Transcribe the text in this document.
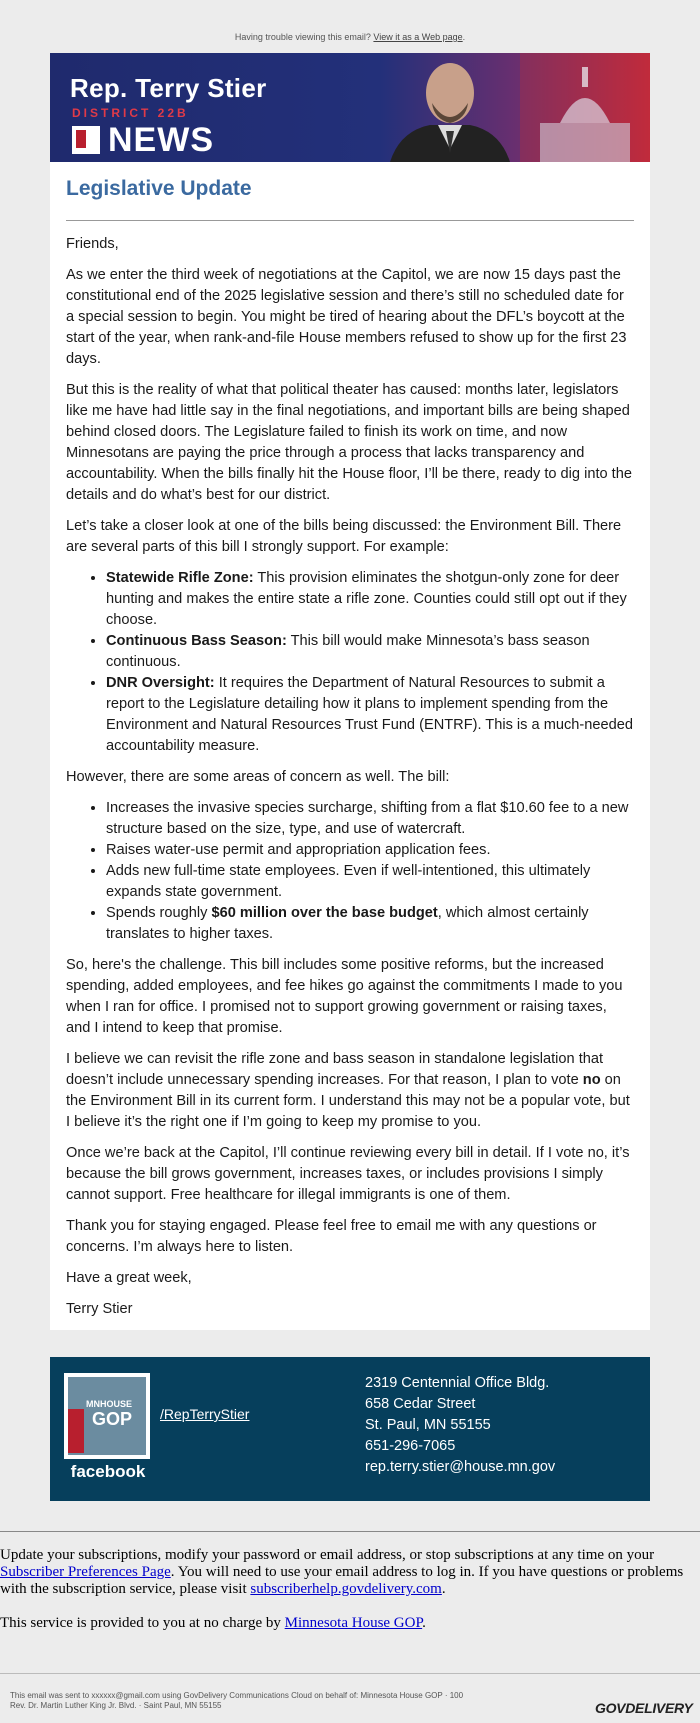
Having trouble viewing this email? View it as a Web page.
Rep. Terry Stier
DISTRICT 22B
NEWS
Legislative Update

Friends,

As we enter the third week of negotiations at the Capitol, we are now 15 days past the constitutional end of the 2025 legislative session and there’s still no scheduled date for a special session to begin. You might be tired of hearing about the DFL’s boycott at the start of the year, when rank-and-file House members refused to show up for the first 23 days.

But this is the reality of what that political theater has caused: months later, legislators like me have had little say in the final negotiations, and important bills are being shaped behind closed doors. The Legislature failed to finish its work on time, and now Minnesotans are paying the price through a process that lacks transparency and accountability. When the bills finally hit the House floor, I’ll be there, ready to dig into the details and do what’s best for our district.

Let’s take a closer look at one of the bills being discussed: the Environment Bill. There are several parts of this bill I strongly support. For example:

• Statewide Rifle Zone: This provision eliminates the shotgun-only zone for deer hunting and makes the entire state a rifle zone. Counties could still opt out if they choose.
• Continuous Bass Season: This bill would make Minnesota’s bass season continuous.
• DNR Oversight: It requires the Department of Natural Resources to submit a report to the Legislature detailing how it plans to implement spending from the Environment and Natural Resources Trust Fund (ENTRF). This is a much-needed accountability measure.

However, there are some areas of concern as well. The bill:

• Increases the invasive species surcharge, shifting from a flat $10.60 fee to a new structure based on the size, type, and use of watercraft.
• Raises water-use permit and appropriation application fees.
• Adds new full-time state employees. Even if well-intentioned, this ultimately expands state government.
• Spends roughly $60 million over the base budget, which almost certainly translates to higher taxes.

So, here's the challenge. This bill includes some positive reforms, but the increased spending, added employees, and fee hikes go against the commitments I made to you when I ran for office. I promised not to support growing government or raising taxes, and I intend to keep that promise.

I believe we can revisit the rifle zone and bass season in standalone legislation that doesn’t include unnecessary spending increases. For that reason, I plan to vote no on the Environment Bill in its current form. I understand this may not be a popular vote, but I believe it’s the right one if I’m going to keep my promise to you.

Once we’re back at the Capitol, I’ll continue reviewing every bill in detail. If I vote no, it’s because the bill grows government, increases taxes, or includes provisions I simply cannot support. Free healthcare for illegal immigrants is one of them.

Thank you for staying engaged. Please feel free to email me with any questions or concerns. I’m always here to listen.

Have a great week,

Terry Stier

MNHOUSE
GOP
facebook
/RepTerryStier
2319 Centennial Office Bldg.
658 Cedar Street
St. Paul, MN 55155
651-296-7065
rep.terry.stier@house.mn.gov

Update your subscriptions, modify your password or email address, or stop subscriptions at any time on your Subscriber Preferences Page. You will need to use your email address to log in. If you have questions or problems with the subscription service, please visit subscriberhelp.govdelivery.com.

This service is provided to you at no charge by Minnesota House GOP.

This email was sent to xxxxxx@gmail.com using GovDelivery Communications Cloud on behalf of: Minnesota House GOP · 100
Rev. Dr. Martin Luther King Jr. Blvd. · Saint Paul, MN 55155	GOVDELIVERY
